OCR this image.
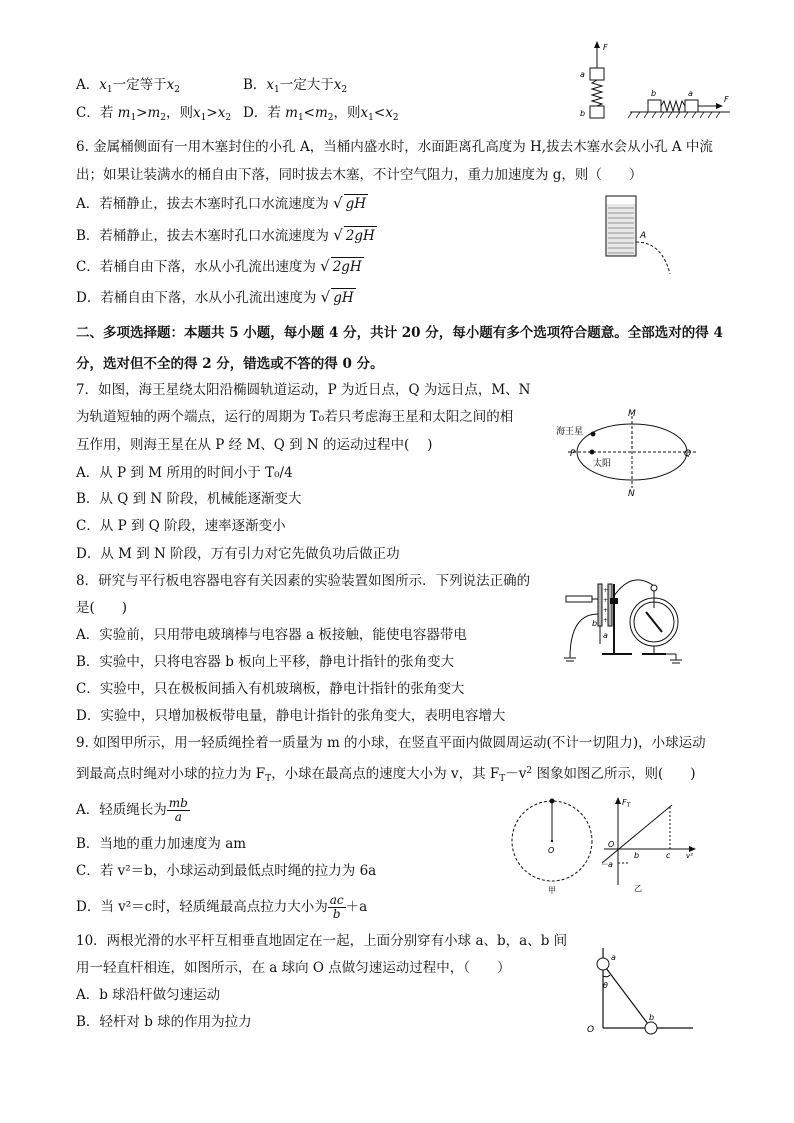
A．$x_1$一定等于$x_2$	B．$x_1$一定大于$x_2$
C．若 $m_1>m_2$，则$x_1>x_2$ D．若 $m_1<m_2$，则$x_1<x_2$
F
a
b
b	a
F
6. 金属桶侧面有一用木塞封住的小孔 A，当桶内盛水时，水面距离孔高度为 H,拔去木塞水会从小孔 A 中流
出；如果让装满水的桶自由下落，同时拔去木塞，不计空气阻力，重力加速度为 g，则（　　）
A．若桶静止，拔去木塞时孔口水流速度为 √ gH
B．若桶静止，拔去木塞时孔口水流速度为 √ 2gH
C．若桶自由下落，水从小孔流出速度为 √ 2gH
D．若桶自由下落，水从小孔流出速度为 √ gH
A
二、多项选择题：本题共 5 小题，每小题 4 分，共计 20 分，每小题有多个选项符合题意。全部选对的得 4
分，选对但不全的得 2 分，错选或不答的得 0 分。
7．如图，海王星绕太阳沿椭圆轨道运动，P 为近日点，Q 为远日点，M、N
为轨道短轴的两个端点，运行的周期为 T₀若只考虑海王星和太阳之间的相
互作用，则海王星在从 P 经 M、Q 到 N 的运动过程中(　 )
A．从 P 到 M 所用的时间小于 T₀/4
B．从 Q 到 N 阶段，机械能逐渐变大
C．从 P 到 Q 阶段，速率逐渐变小
D．从 M 到 N 阶段，万有引力对它先做负功后做正功
海王星
M
P	Q
N
太阳
8．研究与平行板电容器电容有关因素的实验装置如图所示．下列说法正确的
是(　　)
A．实验前，只用带电玻璃棒与电容器 a 板接触，能使电容器带电
B．实验中，只将电容器 b 板向上平移，静电计指针的张角变大
C．实验中，只在极板间插入有机玻璃板，静电计指针的张角变大
D．实验中，只增加极板带电量，静电计指针的张角变大，表明电容增大
+
+
+
+
b
a
9. 如图甲所示，用一轻质绳拴着一质量为 m 的小球，在竖直平面内做圆周运动(不计一切阻力)，小球运动
到最高点时绳对小球的拉力为 $F_T$，小球在最高点的速度大小为 v，其 $F_T-v^2$ 图象如图乙所示，则(　　)
A．轻质绳长为 $\frac{mb}{a}$
B．当地的重力加速度为 am
C．若 v²＝b，小球运动到最低点时绳的拉力为 6a
D．当 v²＝c时，轻质绳最高点拉力大小为 $\frac{ac}{b} +a$
O
甲
$F_T$
O
b	c
－a
v²
乙
10．两根光滑的水平杆互相垂直地固定在一起，上面分别穿有小球 a、b，a、b 间
用一轻直杆相连，如图所示，在 a 球向 O 点做匀速运动过程中，（　　）
A．b 球沿杆做匀速运动
B．轻杆对 b 球的作用为拉力
a
θ
O
b
